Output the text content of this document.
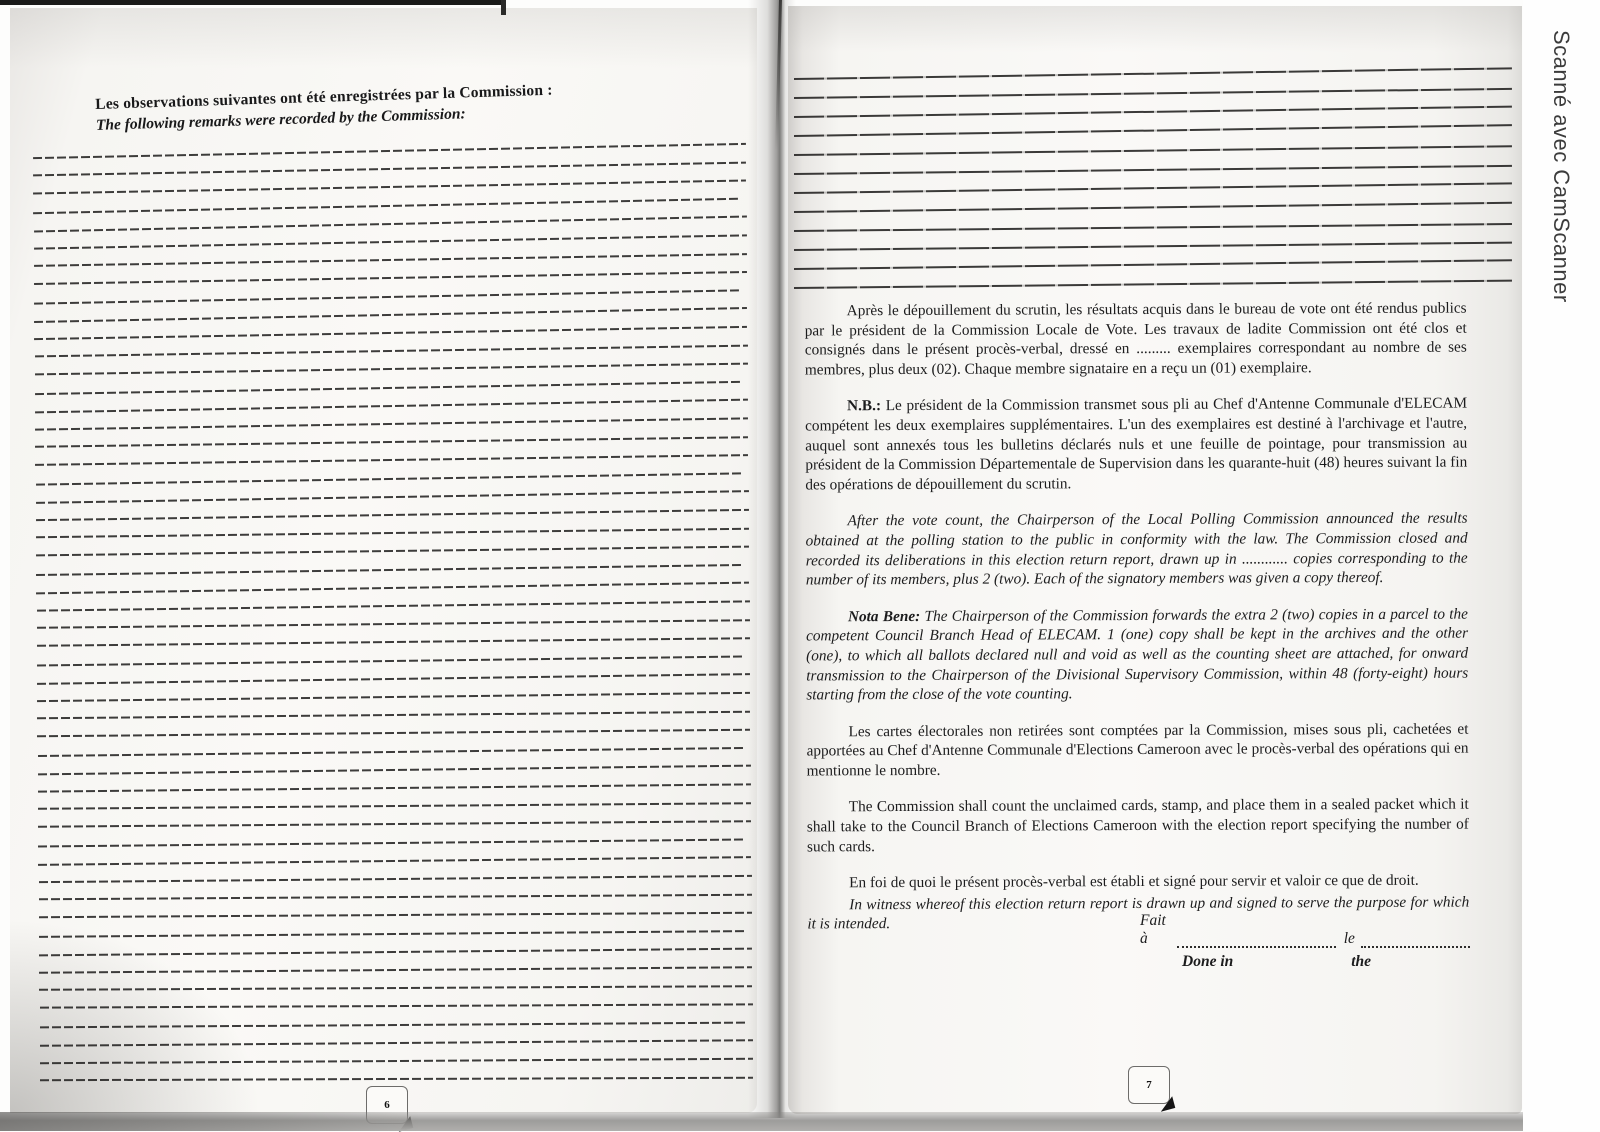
Les observations suivantes ont été enregistrées par la Commission :
The following remarks were recorded by the Commission:
6

Après le dépouillement du scrutin, les résultats acquis dans le bureau de vote ont été rendus publics par le président de la Commission Locale de Vote. Les travaux de ladite Commission ont été clos et consignés dans le présent procès-verbal, dressé en ......... exemplaires correspondant au nombre de ses membres, plus deux (02). Chaque membre signataire en a reçu un (01) exemplaire.

N.B.: Le président de la Commission transmet sous pli au Chef d'Antenne Communale d'ELECAM compétent les deux exemplaires supplémentaires. L'un des exemplaires est destiné à l'archivage et l'autre, auquel sont annexés tous les bulletins déclarés nuls et une feuille de pointage, pour transmission au président de la Commission Départementale de Supervision dans les quarante-huit (48) heures suivant la fin des opérations de dépouillement du scrutin.

After the vote count, the Chairperson of the Local Polling Commission announced the results obtained at the polling station to the public in conformity with the law. The Commission closed and recorded its deliberations in this election return report, drawn up in ............ copies corresponding to the number of its members, plus 2 (two). Each of the signatory members was given a copy thereof.

Nota Bene: The Chairperson of the Commission forwards the extra 2 (two) copies in a parcel to the competent Council Branch Head of ELECAM. 1 (one) copy shall be kept in the archives and the other (one), to which all ballots declared null and void as well as the counting sheet are attached, for onward transmission to the Chairperson of the Divisional Supervisory Commission, within 48 (forty-eight) hours starting from the close of the vote counting.

Les cartes électorales non retirées sont comptées par la Commission, mises sous pli, cachetées et apportées au Chef d'Antenne Communale d'Elections Cameroon avec le procès-verbal des opérations qui en mentionne le nombre.

The Commission shall count the unclaimed cards, stamp, and place them in a sealed packet which it shall take to the Council Branch of Elections Cameroon with the election report specifying the number of such cards.

En foi de quoi le présent procès-verbal est établi et signé pour servir et valoir ce que de droit.

In witness whereof this election return report is drawn up and signed to serve the purpose for which it is intended.	Fait à	le
Done in	the
7
Scanné avec CamScanner
